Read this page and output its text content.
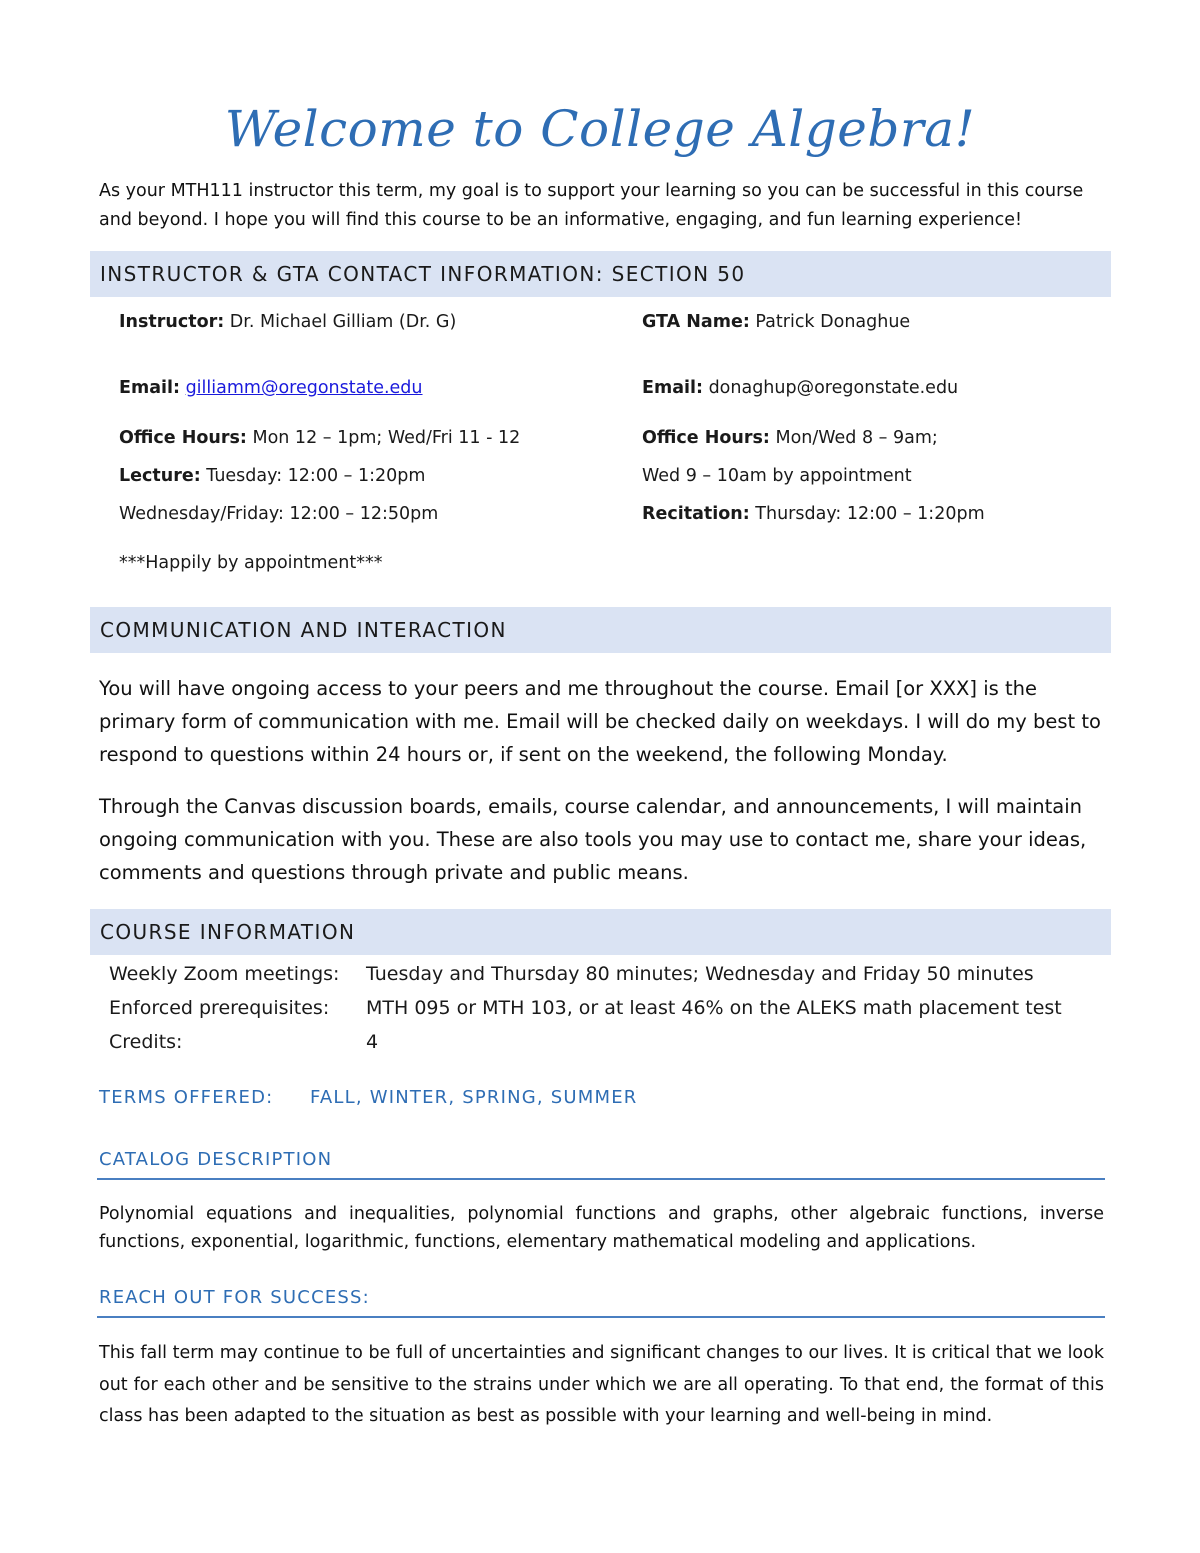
Welcome to College Algebra!
As your MTH111 instructor this term, my goal is to support your learning so you can be successful in this course and beyond. I hope you will find this course to be an informative, engaging, and fun learning experience!
INSTRUCTOR & GTA CONTACT INFORMATION: SECTION 50
Instructor: Dr. Michael Gilliam (Dr. G)
Email: gilliamm@oregonstate.edu
Office Hours: Mon 12 – 1pm; Wed/Fri 11 - 12
Lecture: Tuesday: 12:00 – 1:20pm
Wednesday/Friday: 12:00 – 12:50pm
***Happily by appointment***
GTA Name: Patrick Donaghue
Email: donaghup@oregonstate.edu
Office Hours: Mon/Wed 8 – 9am;
Wed 9 – 10am by appointment
Recitation: Thursday: 12:00 – 1:20pm
COMMUNICATION AND INTERACTION
You will have ongoing access to your peers and me throughout the course. Email [or XXX] is the primary form of communication with me. Email will be checked daily on weekdays. I will do my best to respond to questions within 24 hours or, if sent on the weekend, the following Monday.
Through the Canvas discussion boards, emails, course calendar, and announcements, I will maintain ongoing communication with you. These are also tools you may use to contact me, share your ideas, comments and questions through private and public means.
COURSE INFORMATION
Weekly Zoom meetings: Tuesday and Thursday 80 minutes; Wednesday and Friday 50 minutes
Enforced prerequisites: MTH 095 or MTH 103, or at least 46% on the ALEKS math placement test
Credits:	4
TERMS OFFERED: FALL, WINTER, SPRING, SUMMER
CATALOG DESCRIPTION
Polynomial equations and inequalities, polynomial functions and graphs, other algebraic functions, inverse functions, exponential, logarithmic, functions, elementary mathematical modeling and applications.
REACH OUT FOR SUCCESS:
This fall term may continue to be full of uncertainties and significant changes to our lives. It is critical that we look out for each other and be sensitive to the strains under which we are all operating. To that end, the format of this class has been adapted to the situation as best as possible with your learning and well-being in mind.
